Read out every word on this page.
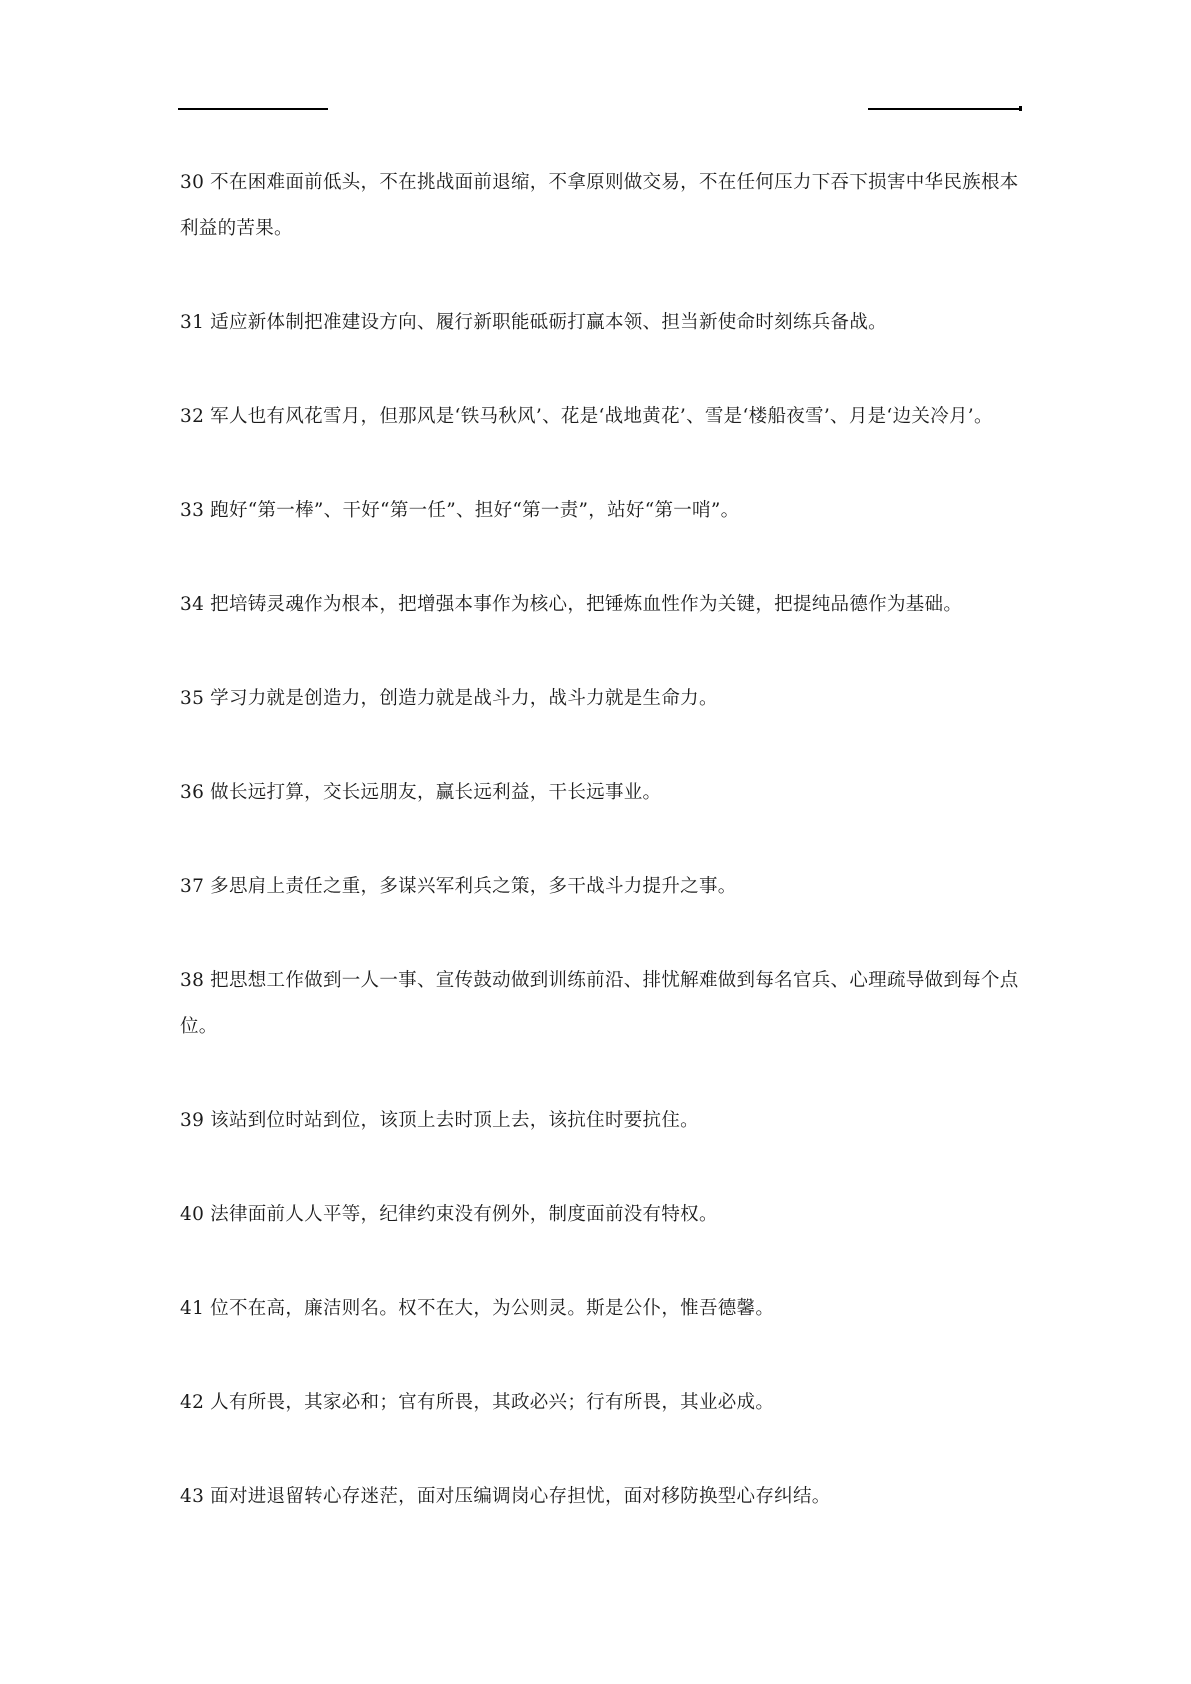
30 不在困难面前低头，不在挑战面前退缩，不拿原则做交易，不在任何压力下吞下损害中华民族根本利益的苦果。

31 适应新体制把准建设方向、履行新职能砥砺打赢本领、担当新使命时刻练兵备战。

32 军人也有风花雪月，但那风是‘铁马秋风’、花是‘战地黄花’、雪是‘楼船夜雪’、月是‘边关冷月’。

33 跑好“第一棒”、干好“第一任”、担好“第一责”，站好“第一哨”。

34 把培铸灵魂作为根本，把增强本事作为核心，把锤炼血性作为关键，把提纯品德作为基础。

35 学习力就是创造力，创造力就是战斗力，战斗力就是生命力。

36 做长远打算，交长远朋友，赢长远利益，干长远事业。

37 多思肩上责任之重，多谋兴军利兵之策，多干战斗力提升之事。

38 把思想工作做到一人一事、宣传鼓动做到训练前沿、排忧解难做到每名官兵、心理疏导做到每个点位。

39 该站到位时站到位，该顶上去时顶上去，该抗住时要抗住。

40 法律面前人人平等，纪律约束没有例外，制度面前没有特权。

41 位不在高，廉洁则名。权不在大，为公则灵。斯是公仆，惟吾德馨。

42 人有所畏，其家必和；官有所畏，其政必兴；行有所畏，其业必成。

43 面对进退留转心存迷茫，面对压编调岗心存担忧，面对移防换型心存纠结。
